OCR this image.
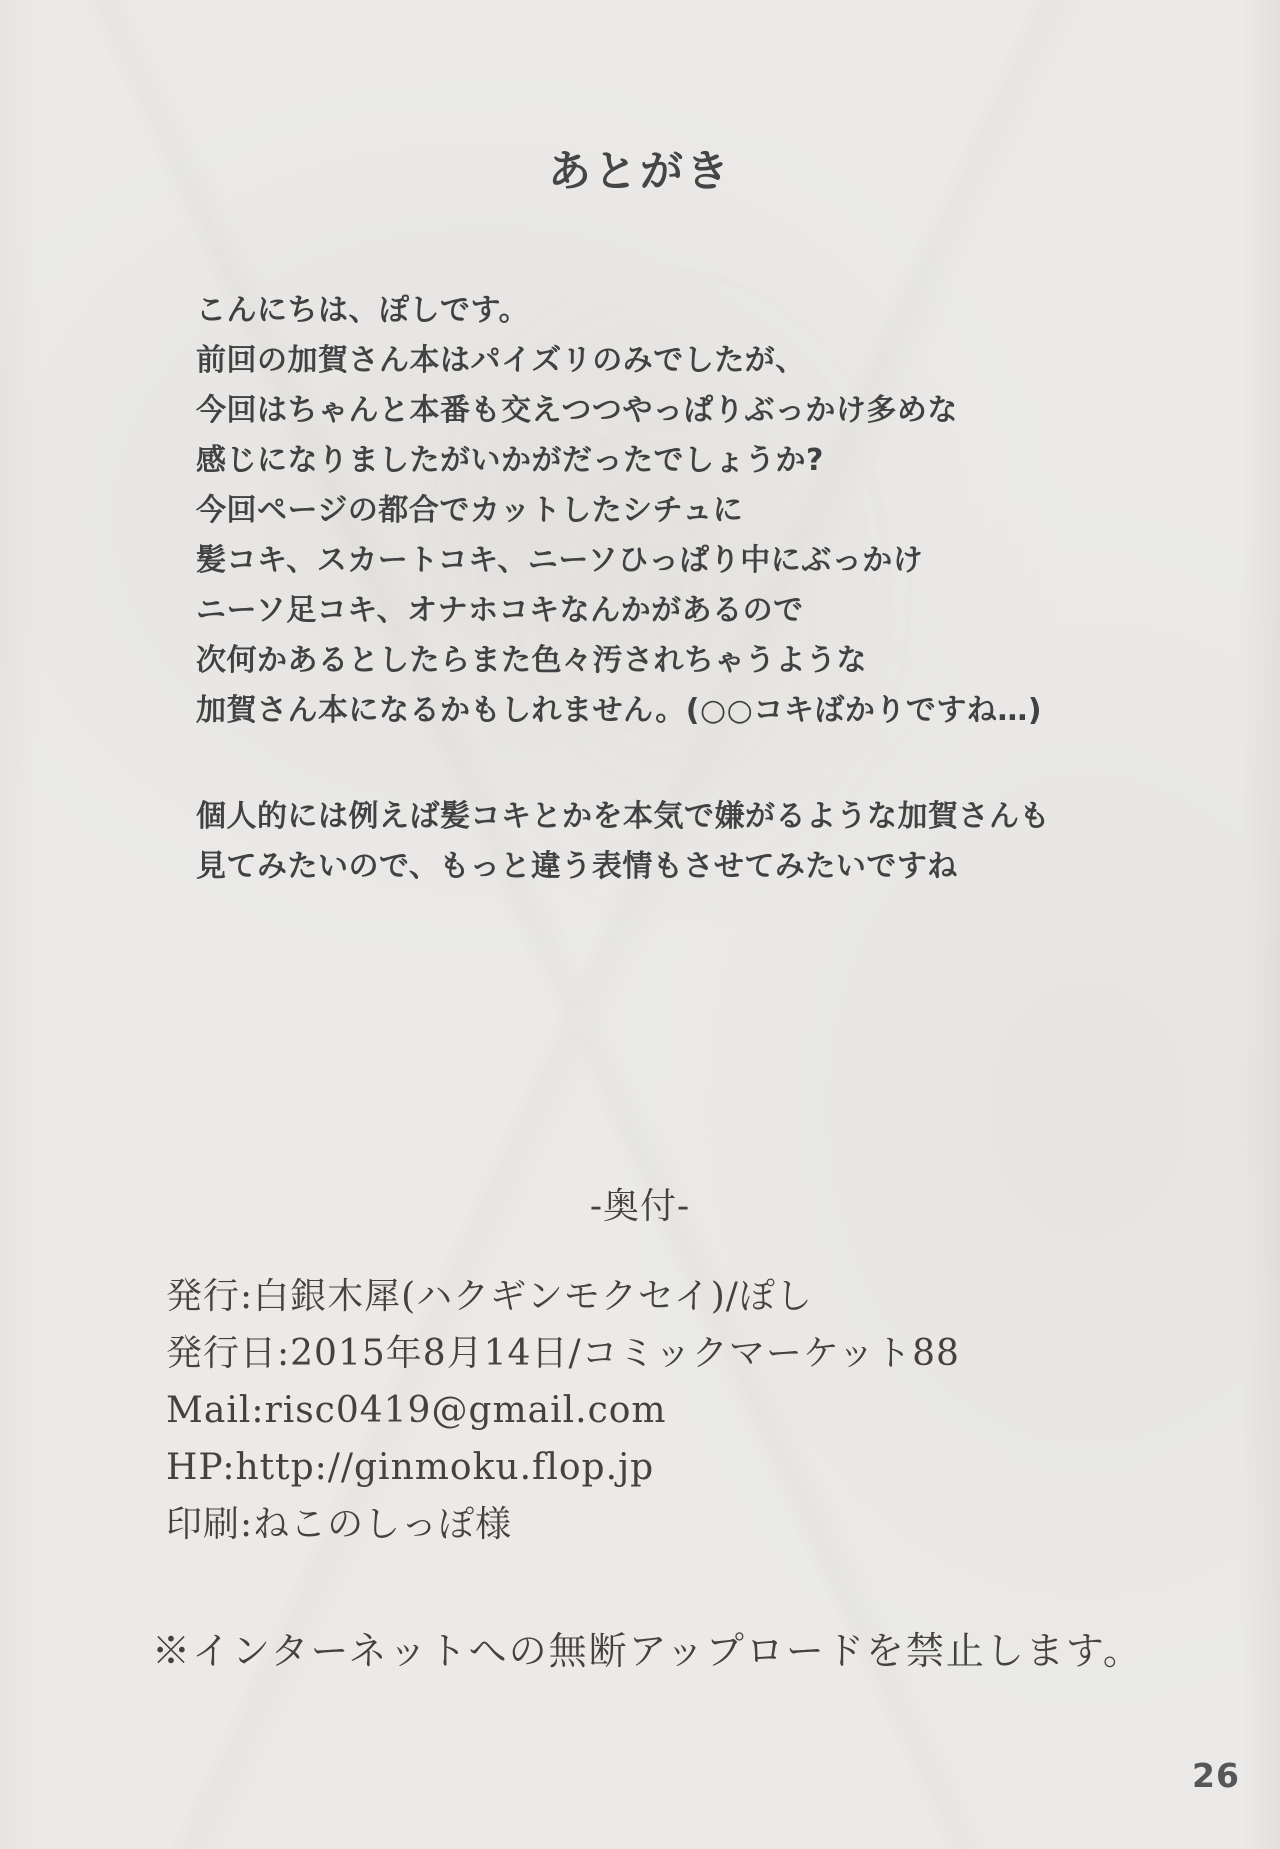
あとがき
こんにちは、ぽしです。
前回の加賀さん本はパイズリのみでしたが、
今回はちゃんと本番も交えつつやっぱりぶっかけ多めな
感じになりましたがいかがだったでしょうか?
今回ページの都合でカットしたシチュに
髪コキ、スカートコキ、ニーソひっぱり中にぶっかけ
ニーソ足コキ、オナホコキなんかがあるので
次何かあるとしたらまた色々汚されちゃうような
加賀さん本になるかもしれません。(○○コキばかりですね…)
個人的には例えば髪コキとかを本気で嫌がるような加賀さんも
見てみたいので、もっと違う表情もさせてみたいですね
-奥付-
発行:白銀木犀(ハクギンモクセイ)/ぽし
発行日:2015年8月14日/コミックマーケット88
Mail:risc0419@gmail.com
HP:http://ginmoku.flop.jp
印刷:ねこのしっぽ様
※インターネットへの無断アップロードを禁止します。
26
